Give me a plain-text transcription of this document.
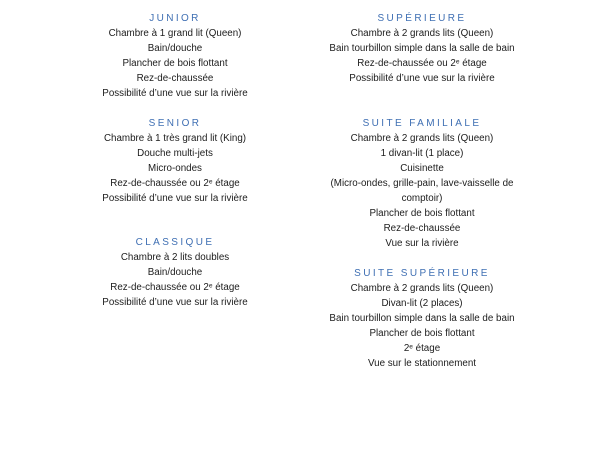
JUNIOR
Chambre à 1 grand lit (Queen)
Bain/douche
Plancher de bois flottant
Rez-de-chaussée
Possibilité d’une vue sur la rivière
SENIOR
Chambre à 1 très grand lit (King)
Douche multi-jets
Micro-ondes
Rez-de-chaussée ou 2ᵉ étage
Possibilité d’une vue sur la rivière
CLASSIQUE
Chambre à 2 lits doubles
Bain/douche
Rez-de-chaussée ou 2ᵉ étage
Possibilité d’une vue sur la rivière
SUPÉRIEURE
Chambre à 2 grands lits (Queen)
Bain tourbillon simple dans la salle de bain
Rez-de-chaussée ou 2ᵉ étage
Possibilité d’une vue sur la rivière
SUITE FAMILIALE
Chambre à 2 grands lits (Queen)
1 divan-lit (1 place)
Cuisinette
(Micro-ondes, grille-pain, lave-vaisselle de comptoir)
Plancher de bois flottant
Rez-de-chaussée
Vue sur la rivière
SUITE SUPÉRIEURE
Chambre à 2 grands lits (Queen)
Divan-lit (2 places)
Bain tourbillon simple dans la salle de bain
Plancher de bois flottant
2ᵉ étage
Vue sur le stationnement
